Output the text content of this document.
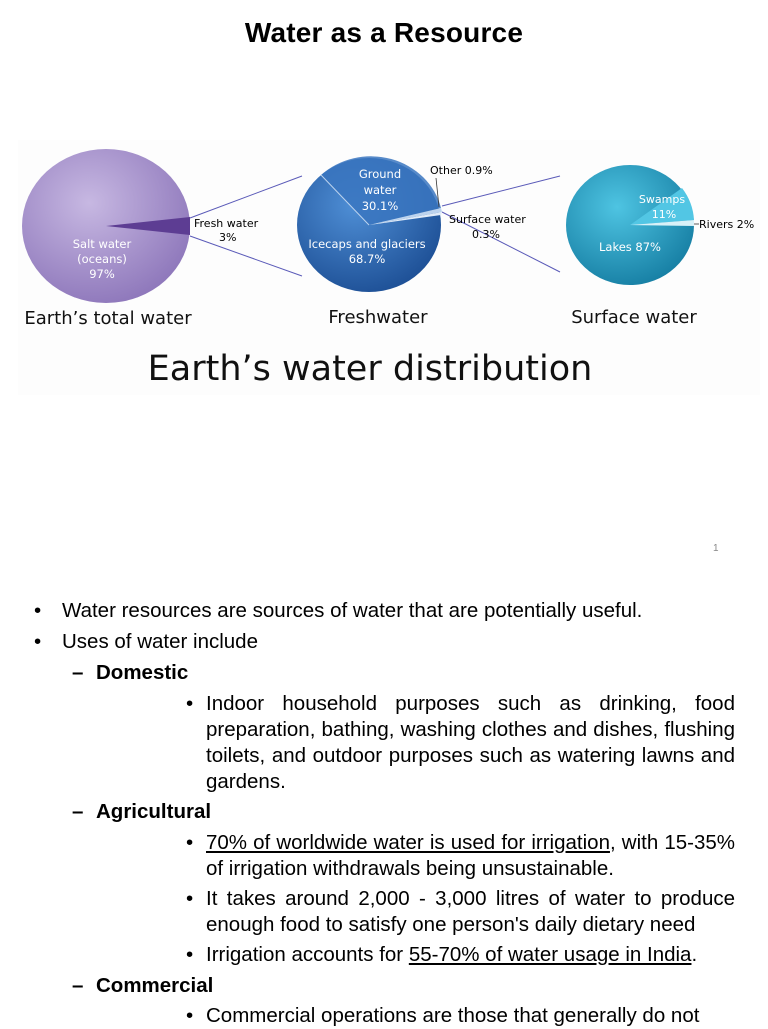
Water as a Resource
Salt water
(oceans)
97%
Fresh water
3%
Ground
water
30.1%
Icecaps and glaciers
68.7%
Other 0.9%
Surface water
0.3%
Swamps
11%
Lakes 87%
Rivers 2%
Earth’s total water	Freshwater	Surface water
Earth’s water distribution
1
• Water resources are sources of water that are potentially useful.
• Uses of water include
– Domestic
• Indoor household purposes such as drinking, food preparation, bathing, washing clothes and dishes, flushing toilets, and outdoor purposes such as watering lawns and gardens.
– Agricultural
• 70% of worldwide water is used for irrigation, with 15-35% of irrigation withdrawals being unsustainable.
• It takes around 2,000 - 3,000 litres of water to produce enough food to satisfy one person's daily dietary need
• Irrigation accounts for 55-70% of water usage in India.
– Commercial
• Commercial operations are those that generally do not
